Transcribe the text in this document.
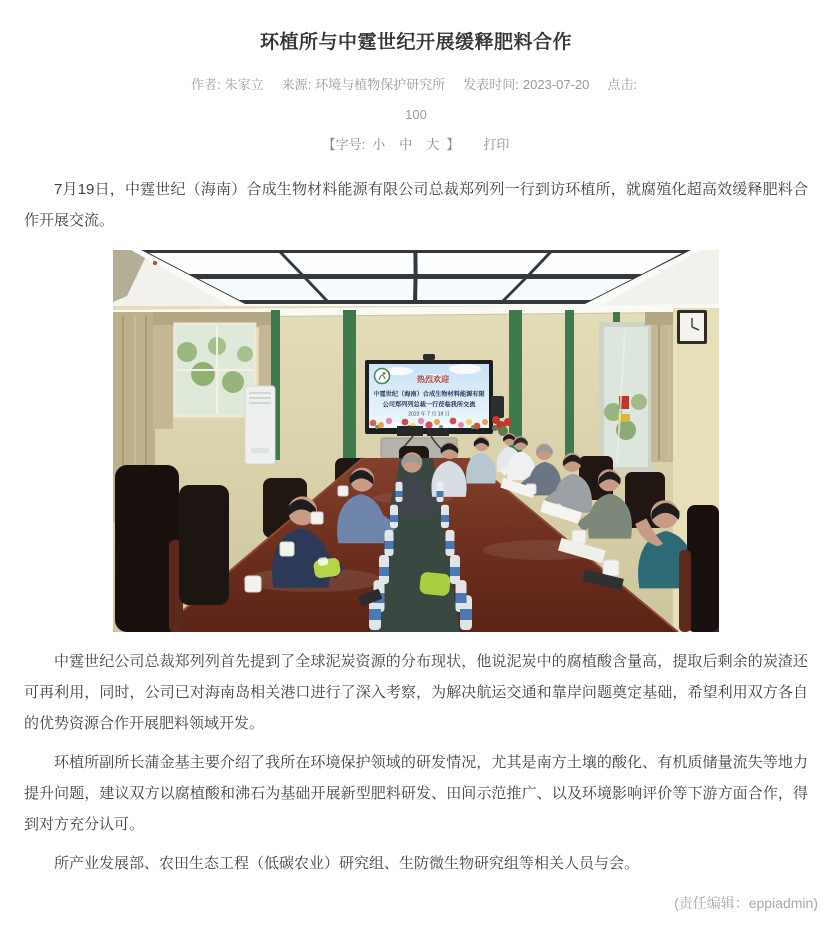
环植所与中霆世纪开展缓释肥料合作
作者: 朱家立 来源: 环境与植物保护研究所 发表时间: 2023-07-20 点击:
100
【字号: 小 中 大 】 打印

7月19日，中霆世纪（海南）合成生物材料能源有限公司总裁郑列列一行到访环植所，就腐殖化超高效缓释肥料合作开展交流。

热烈欢迎
中霆世纪（海南）合成生物材料能源有限
公司郑列列总裁一行莅临我所交流
2023 年 7 月 19 日

中霆世纪公司总裁郑列列首先提到了全球泥炭资源的分布现状，他说泥炭中的腐植酸含量高，提取后剩余的炭渣还可再利用，同时，公司已对海南岛相关港口进行了深入考察，为解决航运交通和靠岸问题奠定基础，希望利用双方各自的优势资源合作开展肥料领域开发。

环植所副所长蒲金基主要介绍了我所在环境保护领域的研发情况，尤其是南方土壤的酸化、有机质储量流失等地力提升问题，建议双方以腐植酸和沸石为基础开展新型肥料研发、田间示范推广、以及环境影响评价等下游方面合作，得到对方充分认可。

所产业发展部、农田生态工程（低碳农业）研究组、生防微生物研究组等相关人员与会。

(责任编辑：eppiadmin)
